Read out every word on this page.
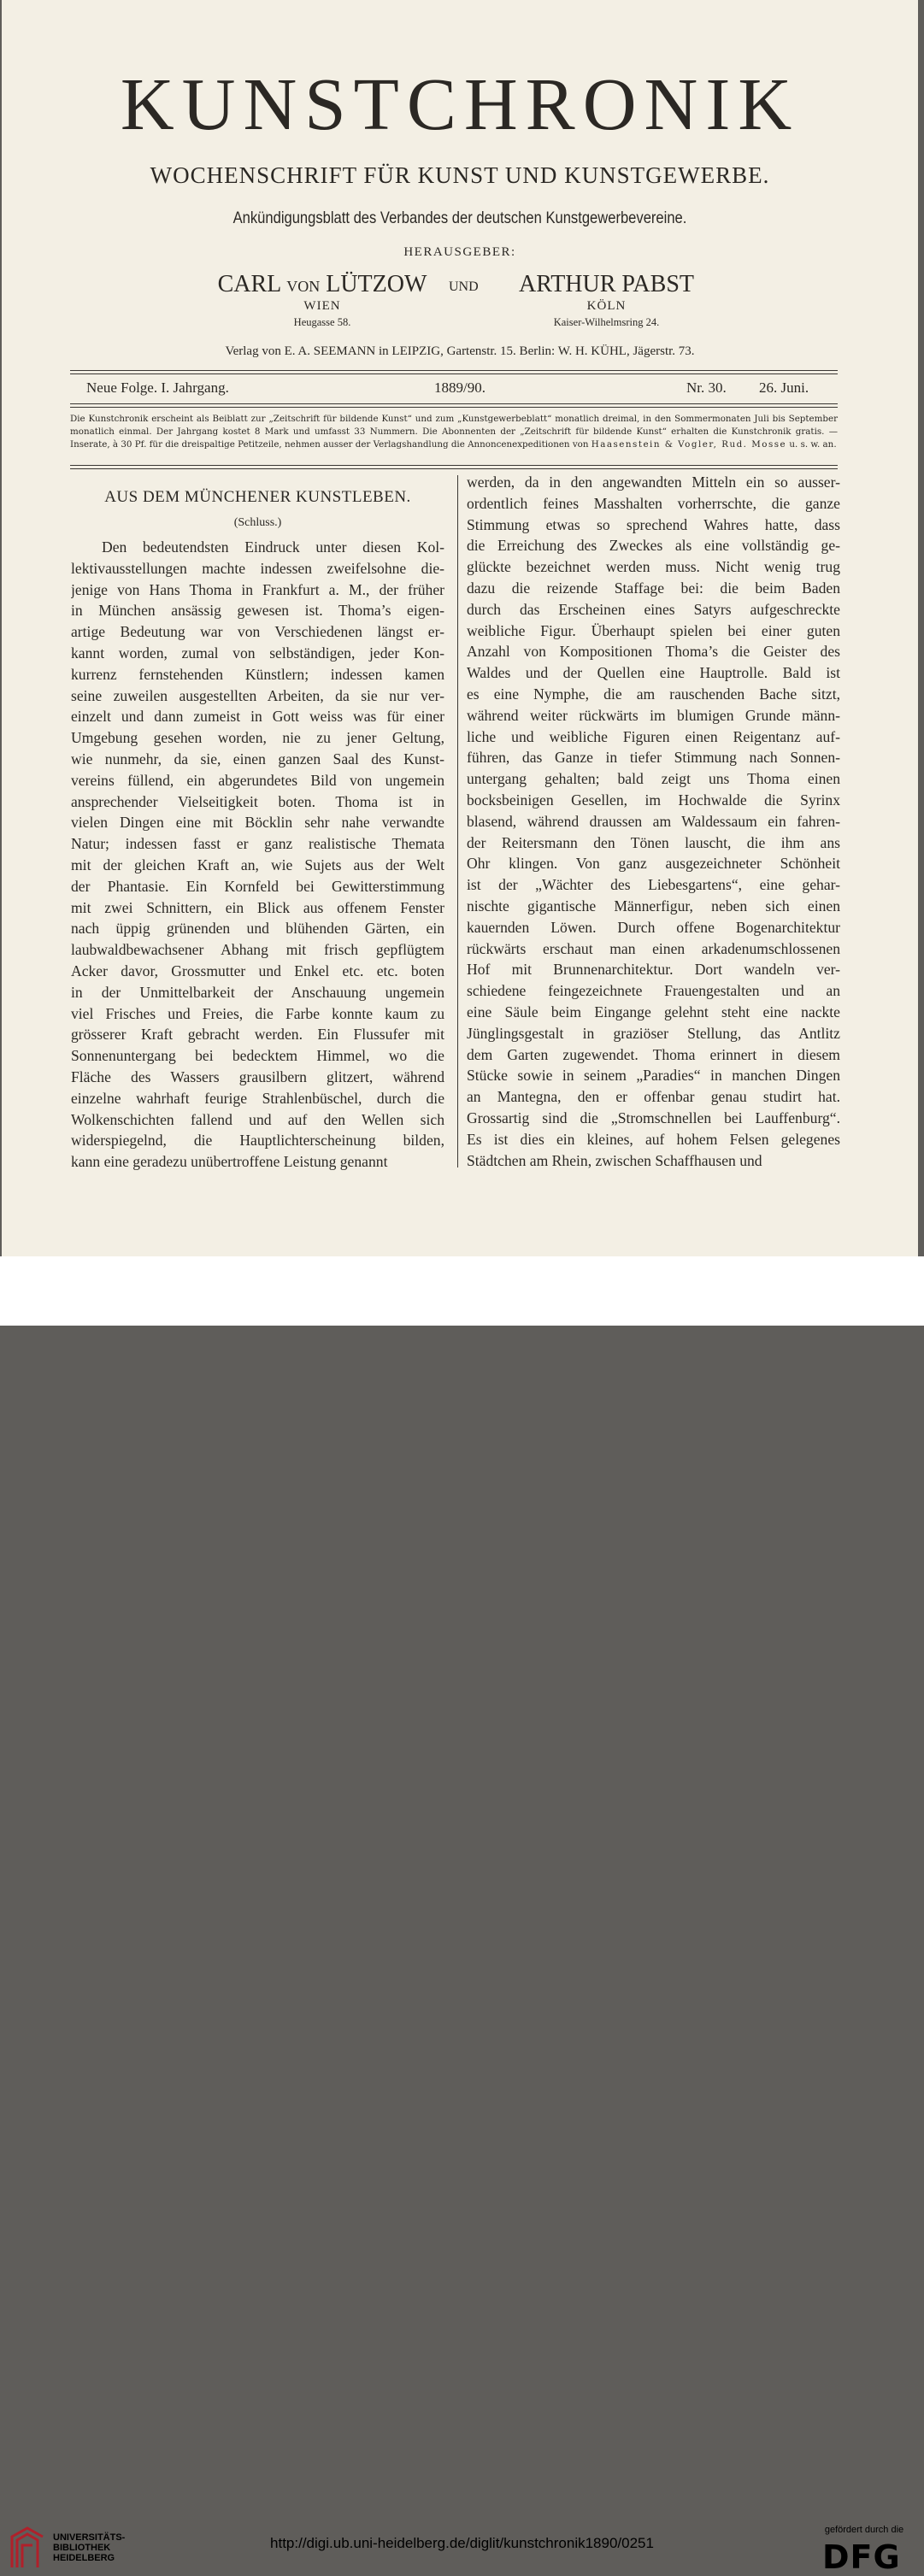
KUNSTCHRONIK
WOCHENSCHRIFT FÜR KUNST UND KUNSTGEWERBE.
Ankündigungsblatt des Verbandes der deutschen Kunstgewerbevereine.
HERAUSGEBER:
CARL VON LÜTZOW
WIEN
Heugasse 58.
UND	ARTHUR PABST
KÖLN
Kaiser-Wilhelmsring 24.
Verlag von E. A. SEEMANN in LEIPZIG, Gartenstr. 15. Berlin: W. H. KÜHL, Jägerstr. 73.
Neue Folge. I. Jahrgang.	1889/90.	Nr. 30. 26. Juni.
Die Kunstchronik erscheint als Beiblatt zur „Zeitschrift für bildende Kunst“ und zum „Kunstgewerbeblatt“ monatlich dreimal, in den Sommermonaten Juli bis September monatlich einmal. Der Jahrgang kostet 8 Mark und umfasst 33 Nummern. Die Abonnenten der „Zeitschrift für bildende Kunst“ erhalten die Kunstchronik gratis. — Inserate, à 30 Pf. für die dreispaltige Petitzeile, nehmen ausser der Verlagshandlung die Annoncenexpeditionen von Haasenstein & Vogler, Rud. Mosse u. s. w. an.
AUS DEM MÜNCHENER KUNSTLEBEN.
(Schluss.)
Den bedeutendsten Eindruck unter diesen Kol-
lektivausstellungen machte indessen zweifelsohne die-
jenige von Hans Thoma in Frankfurt a. M., der früher
in München ansässig gewesen ist. Thoma’s eigen-
artige Bedeutung war von Verschiedenen längst er-
kannt worden, zumal von selbständigen, jeder Kon-
kurrenz fernstehenden Künstlern; indessen kamen
seine zuweilen ausgestellten Arbeiten, da sie nur ver-
einzelt und dann zumeist in Gott weiss was für einer
Umgebung gesehen worden, nie zu jener Geltung,
wie nunmehr, da sie, einen ganzen Saal des Kunst-
vereins füllend, ein abgerundetes Bild von ungemein
ansprechender Vielseitigkeit boten. Thoma ist in
vielen Dingen eine mit Böcklin sehr nahe verwandte
Natur; indessen fasst er ganz realistische Themata
mit der gleichen Kraft an, wie Sujets aus der Welt
der Phantasie. Ein Kornfeld bei Gewitterstimmung
mit zwei Schnittern, ein Blick aus offenem Fenster
nach üppig grünenden und blühenden Gärten, ein
laubwaldbewachsener Abhang mit frisch gepflügtem
Acker davor, Grossmutter und Enkel etc. etc. boten
in der Unmittelbarkeit der Anschauung ungemein
viel Frisches und Freies, die Farbe konnte kaum zu
grösserer Kraft gebracht werden. Ein Flussufer mit
Sonnenuntergang bei bedecktem Himmel, wo die
Fläche des Wassers grausilbern glitzert, während
einzelne wahrhaft feurige Strahlenbüschel, durch die
Wolkenschichten fallend und auf den Wellen sich
widerspiegelnd, die Hauptlichterscheinung bilden,
kann eine geradezu unübertroffene Leistung genannt
werden, da in den angewandten Mitteln ein so ausser-
ordentlich feines Masshalten vorherrschte, die ganze
Stimmung etwas so sprechend Wahres hatte, dass
die Erreichung des Zweckes als eine vollständig ge-
glückte bezeichnet werden muss. Nicht wenig trug
dazu die reizende Staffage bei: die beim Baden
durch das Erscheinen eines Satyrs aufgeschreckte
weibliche Figur. Überhaupt spielen bei einer guten
Anzahl von Kompositionen Thoma’s die Geister des
Waldes und der Quellen eine Hauptrolle. Bald ist
es eine Nymphe, die am rauschenden Bache sitzt,
während weiter rückwärts im blumigen Grunde männ-
liche und weibliche Figuren einen Reigentanz auf-
führen, das Ganze in tiefer Stimmung nach Sonnen-
untergang gehalten; bald zeigt uns Thoma einen
bocksbeinigen Gesellen, im Hochwalde die Syrinx
blasend, während draussen am Waldessaum ein fahren-
der Reitersmann den Tönen lauscht, die ihm ans
Ohr klingen. Von ganz ausgezeichneter Schönheit
ist der „Wächter des Liebesgartens“, eine gehar-
nischte gigantische Männerfigur, neben sich einen
kauernden Löwen. Durch offene Bogenarchitektur
rückwärts erschaut man einen arkadenumschlossenen
Hof mit Brunnenarchitektur. Dort wandeln ver-
schiedene feingezeichnete Frauengestalten und an
eine Säule beim Eingange gelehnt steht eine nackte
Jünglingsgestalt in graziöser Stellung, das Antlitz
dem Garten zugewendet. Thoma erinnert in diesem
Stücke sowie in seinem „Paradies“ in manchen Dingen
an Mantegna, den er offenbar genau studirt hat.
Grossartig sind die „Stromschnellen bei Lauffenburg“.
Es ist dies ein kleines, auf hohem Felsen gelegenes
Städtchen am Rhein, zwischen Schaffhausen und
UNIVERSITÄTS-
BIBLIOTHEK
HEIDELBERG
http://digi.ub.uni-heidelberg.de/diglit/kunstchronik1890/0251
gefördert durch die
DFG
